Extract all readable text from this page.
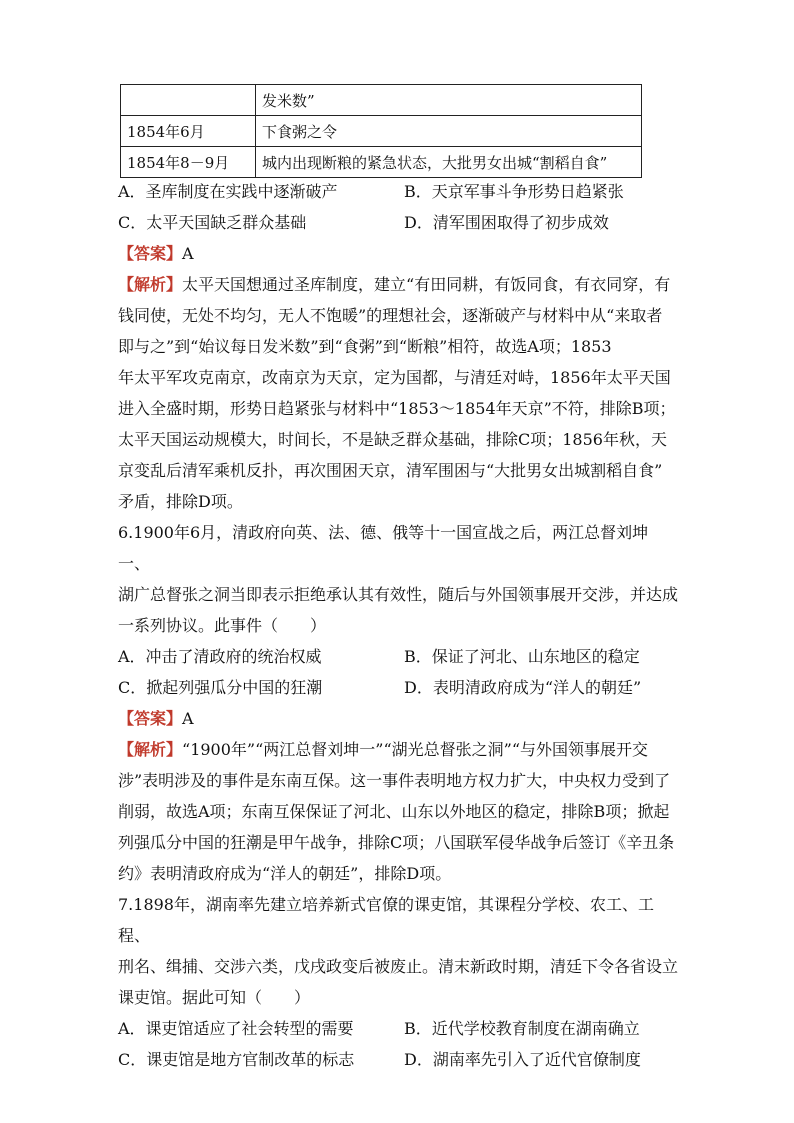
	发米数”
1854年6月	下食粥之令
1854年8－9月	城内出现断粮的紧急状态，大批男女出城“割稻自食”
A．圣库制度在实践中逐渐破产	B．天京军事斗争形势日趋紧张
C．太平天国缺乏群众基础	D．清军围困取得了初步成效

【答案】A

【解析】太平天国想通过圣库制度，建立“有田同耕，有饭同食，有衣同穿，有

钱同使，无处不均匀，无人不饱暖”的理想社会，逐渐破产与材料中从“来取者

即与之”到“始议每日发米数”到“食粥”到“断粮”相符，故选A项；1853

年太平军攻克南京，改南京为天京，定为国都，与清廷对峙，1856年太平天国

进入全盛时期，形势日趋紧张与材料中“1853～1854年天京”不符，排除B项；

太平天国运动规模大，时间长，不是缺乏群众基础，排除C项；1856年秋，天

京变乱后清军乘机反扑，再次围困天京，清军围困与“大批男女出城割稻自食”

矛盾，排除D项。

6.1900年6月，清政府向英、法、德、俄等十一国宣战之后，两江总督刘坤一、

湖广总督张之洞当即表示拒绝承认其有效性，随后与外国领事展开交涉，并达成

一系列协议。此事件（　　）

A．冲击了清政府的统治权威	B．保证了河北、山东地区的稳定
C．掀起列强瓜分中国的狂潮	D．表明清政府成为“洋人的朝廷”

【答案】A

【解析】“1900年”“两江总督刘坤一”“湖光总督张之洞”“与外国领事展开交

涉”表明涉及的事件是东南互保。这一事件表明地方权力扩大，中央权力受到了

削弱，故选A项；东南互保保证了河北、山东以外地区的稳定，排除B项；掀起

列强瓜分中国的狂潮是甲午战争，排除C项；八国联军侵华战争后签订《辛丑条

约》表明清政府成为“洋人的朝廷”，排除D项。

7.1898年，湖南率先建立培养新式官僚的课吏馆，其课程分学校、农工、工程、

刑名、缉捕、交涉六类，戊戌政变后被废止。清末新政时期，清廷下令各省设立

课吏馆。据此可知（　　）

A．课吏馆适应了社会转型的需要	B．近代学校教育制度在湖南确立
C．课吏馆是地方官制改革的标志	D．湖南率先引入了近代官僚制度
